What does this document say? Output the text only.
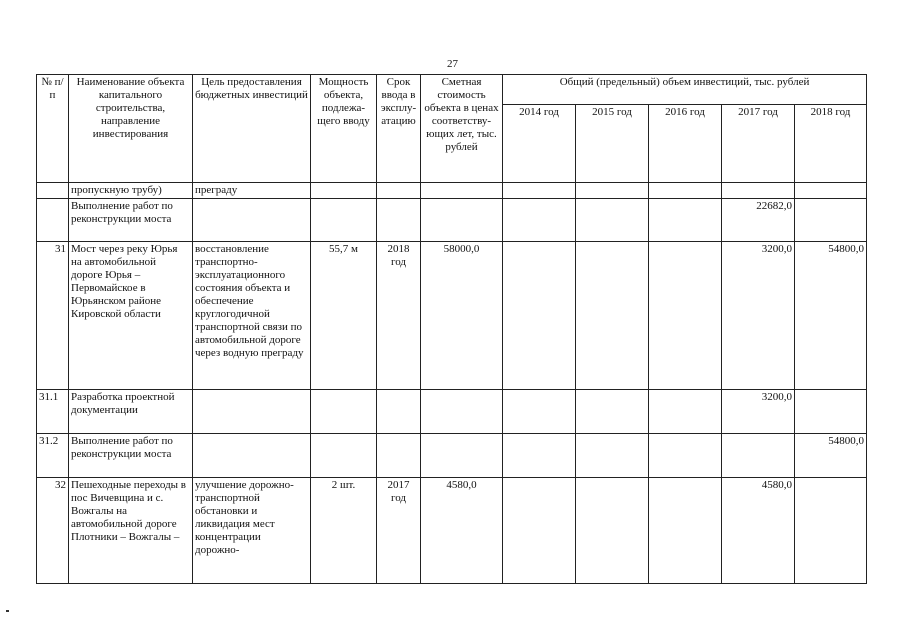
27
№ п/п	Наименование объекта капитального строительства, направление инвестирования	Цель предоставления бюджетных инвестиций	Мощность объекта, подлежа-щего вводу	Срок ввода в эксплу-атацию	Сметная стоимость объекта в ценах соответству-ющих лет, тыс. рублей	Общий (предельный) объем инвестиций, тыс. рублей				
						2014 год	2015 год	2016 год	2017 год	2018 год
	пропускную трубу)	преграду								
	Выполнение работ по реконструкции моста								22682,0	
31	Мост через реку Юрья на автомобильной дороге Юрья – Первомайское в Юрьянском районе Кировской области	восстановление транспортно-эксплуатационного состояния объекта и обеспечение круглогодичной транспортной связи по автомобильной дороге через водную преграду	55,7 м	2018 год	58000,0				3200,0	54800,0
31.1	Разработка проектной документации								3200,0	
31.2	Выполнение работ по реконструкции моста									54800,0
32	Пешеходные переходы в пос Вичевщина и с. Вожгалы на автомобильной дороге Плотники – Вожгалы –	улучшение дорожно-транспортной обстановки и ликвидация мест концентрации дорожно-	2 шт.	2017 год	4580,0				4580,0	
